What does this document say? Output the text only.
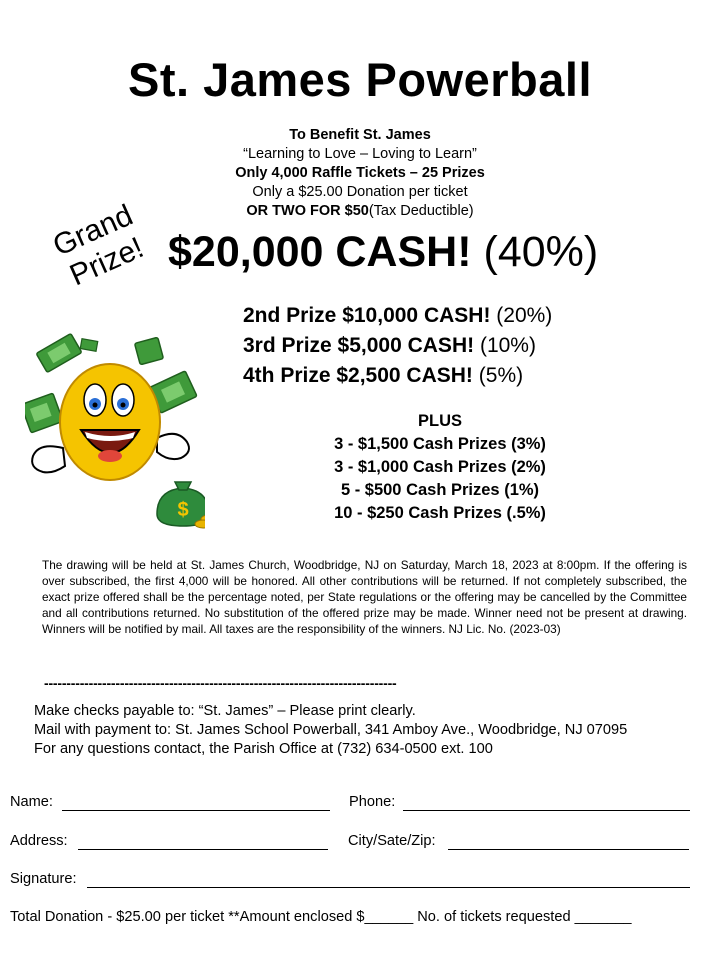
St. James Powerball
To Benefit St. James
“Learning to Love – Loving to Learn”
Only 4,000 Raffle Tickets – 25 Prizes
Only a $25.00 Donation per ticket
OR TWO FOR $50(Tax Deductible)
Grand Prize! $20,000 CASH! (40%)
2nd Prize $10,000 CASH! (20%)
3rd Prize $5,000 CASH! (10%)
4th Prize $2,500 CASH! (5%)
PLUS
3 - $1,500 Cash Prizes (3%)
3 - $1,000 Cash Prizes (2%)
5 - $500 Cash Prizes (1%)
10 - $250 Cash Prizes (.5%)
$
The drawing will be held at St. James Church, Woodbridge, NJ on Saturday, March 18, 2023 at 8:00pm. If the offering is over subscribed, the first 4,000 will be honored. All other contributions will be returned. If not completely subscribed, the exact prize offered shall be the percentage noted, per State regulations or the offering may be cancelled by the Committee and all contributions returned. No substitution of the offered prize may be made. Winner need not be present at drawing. Winners will be notified by mail. All taxes are the responsibility of the winners. NJ Lic. No. (2023-03)
-------------------------------------------------------------------------------
Make checks payable to: “St. James” – Please print clearly.
Mail with payment to: St. James School Powerball, 341 Amboy Ave., Woodbridge, NJ 07095
For any questions contact, the Parish Office at (732) 634-0500 ext. 100
Name:	Phone:
Address:	City/Sate/Zip:
Signature:
Total Donation - $25.00 per ticket **Amount enclosed $______ No. of tickets requested _______
